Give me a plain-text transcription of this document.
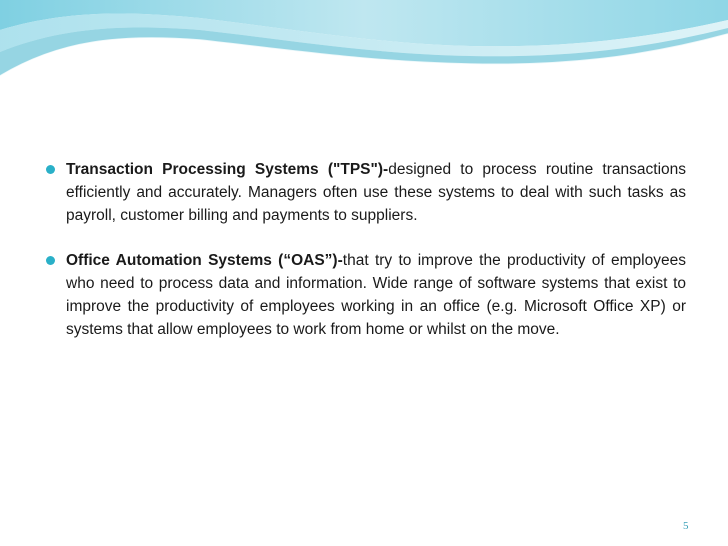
Transaction Processing Systems ("TPS")-designed to process routine transactions efficiently and accurately. Managers often use these systems to deal with such tasks as payroll, customer billing and payments to suppliers.
Office Automation Systems (“OAS”)-that try to improve the productivity of employees who need to process data and information. Wide range of software systems that exist to improve the productivity of employees working in an office (e.g. Microsoft Office XP) or systems that allow employees to work from home or whilst on the move.
5
